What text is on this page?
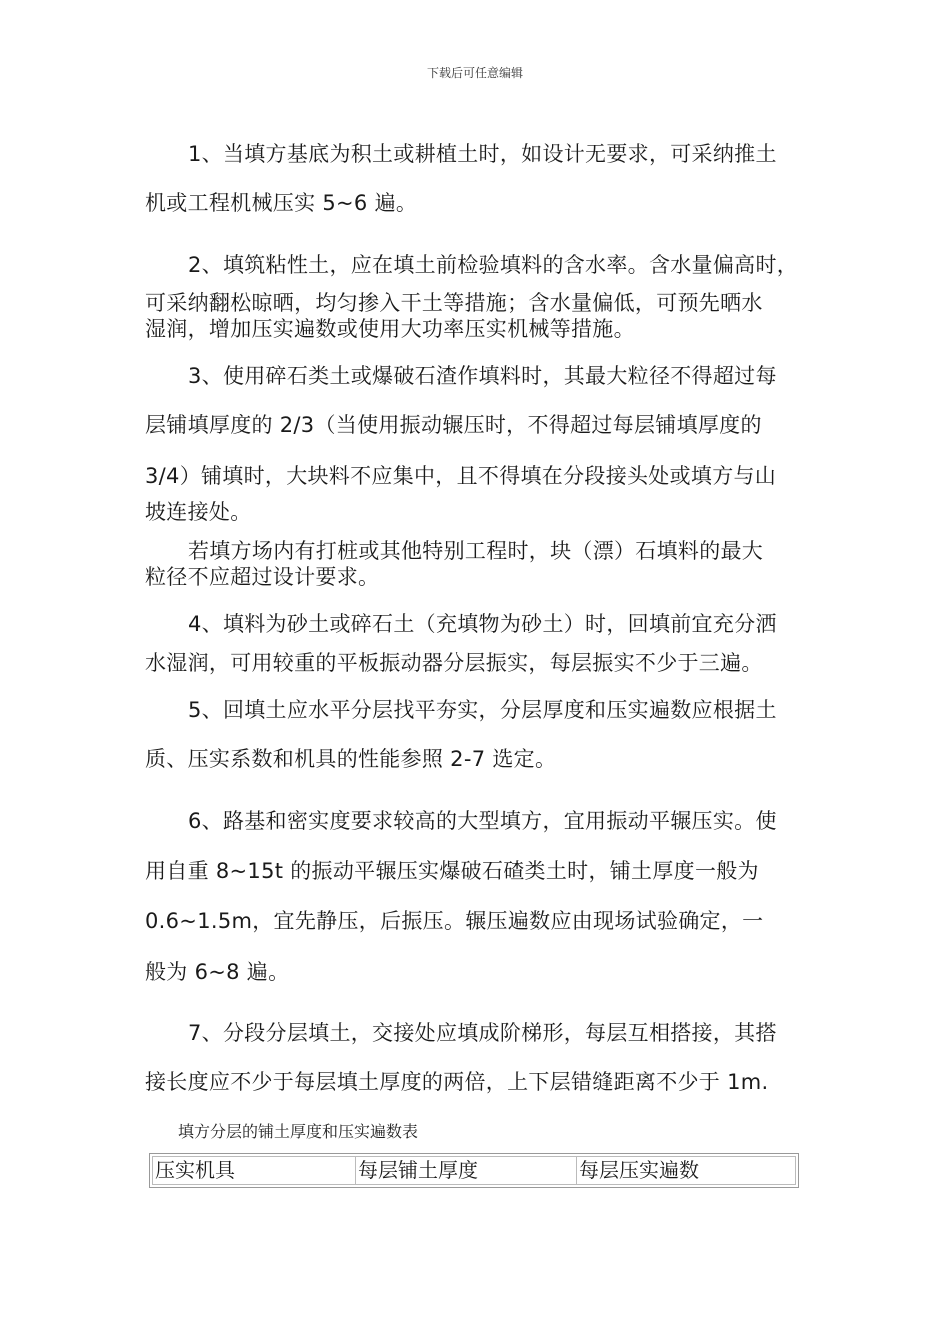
下载后可任意编辑
1、当填方基底为积土或耕植土时，如设计无要求，可采纳推土
机或工程机械压实 5~6 遍。
2、填筑粘性土，应在填土前检验填料的含水率。含水量偏高时，
可采纳翻松晾晒，均匀掺入干土等措施；含水量偏低，可预先晒水
湿润，增加压实遍数或使用大功率压实机械等措施。
3、使用碎石类土或爆破石渣作填料时，其最大粒径不得超过每
层铺填厚度的 2/3（当使用振动辗压时，不得超过每层铺填厚度的
3/4）铺填时，大块料不应集中，且不得填在分段接头处或填方与山
坡连接处。
若填方场内有打桩或其他特别工程时，块（漂）石填料的最大
粒径不应超过设计要求。
4、填料为砂土或碎石土（充填物为砂土）时，回填前宜充分洒
水湿润，可用较重的平板振动器分层振实，每层振实不少于三遍。
5、回填土应水平分层找平夯实，分层厚度和压实遍数应根据土
质、压实系数和机具的性能参照 2-7 选定。
6、路基和密实度要求较高的大型填方，宜用振动平辗压实。使
用自重 8~15t 的振动平辗压实爆破石碴类土时，铺土厚度一般为
0.6~1.5m，宜先静压，后振压。辗压遍数应由现场试验确定，一
般为 6~8 遍。
7、分段分层填土，交接处应填成阶梯形，每层互相搭接，其搭
接长度应不少于每层填土厚度的两倍，上下层错缝距离不少于 1m.
填方分层的铺土厚度和压实遍数表
压实机具	每层铺土厚度	每层压实遍数
